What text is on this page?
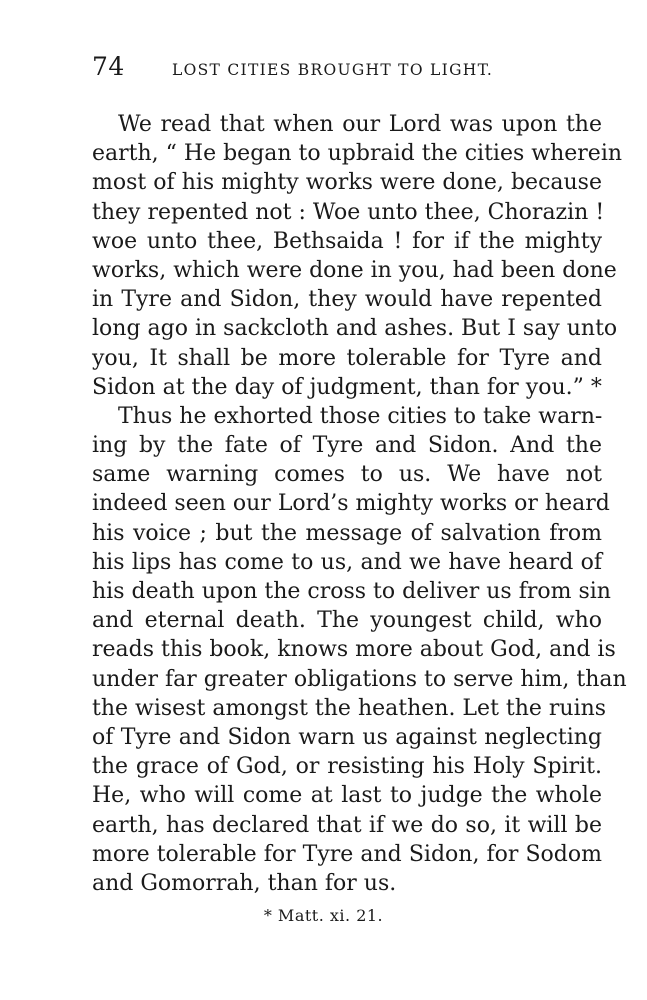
74	LOST CITIES BROUGHT TO LIGHT.
We read that when our Lord was upon the
earth, “ He began to upbraid the cities wherein
most of his mighty works were done, because
they repented not : Woe unto thee, Chorazin !
woe unto thee, Bethsaida ! for if the mighty
works, which were done in you, had been done
in Tyre and Sidon, they would have repented
long ago in sackcloth and ashes. But I say unto
you, It shall be more tolerable for Tyre and
Sidon at the day of judgment, than for you.” *
Thus he exhorted those cities to take warn-
ing by the fate of Tyre and Sidon. And the
same warning comes to us. We have not
indeed seen our Lord’s mighty works or heard
his voice ; but the message of salvation from
his lips has come to us, and we have heard of
his death upon the cross to deliver us from sin
and eternal death. The youngest child, who
reads this book, knows more about God, and is
under far greater obligations to serve him, than
the wisest amongst the heathen. Let the ruins
of Tyre and Sidon warn us against neglecting
the grace of God, or resisting his Holy Spirit.
He, who will come at last to judge the whole
earth, has declared that if we do so, it will be
more tolerable for Tyre and Sidon, for Sodom
and Gomorrah, than for us.
* Matt. xi. 21.
